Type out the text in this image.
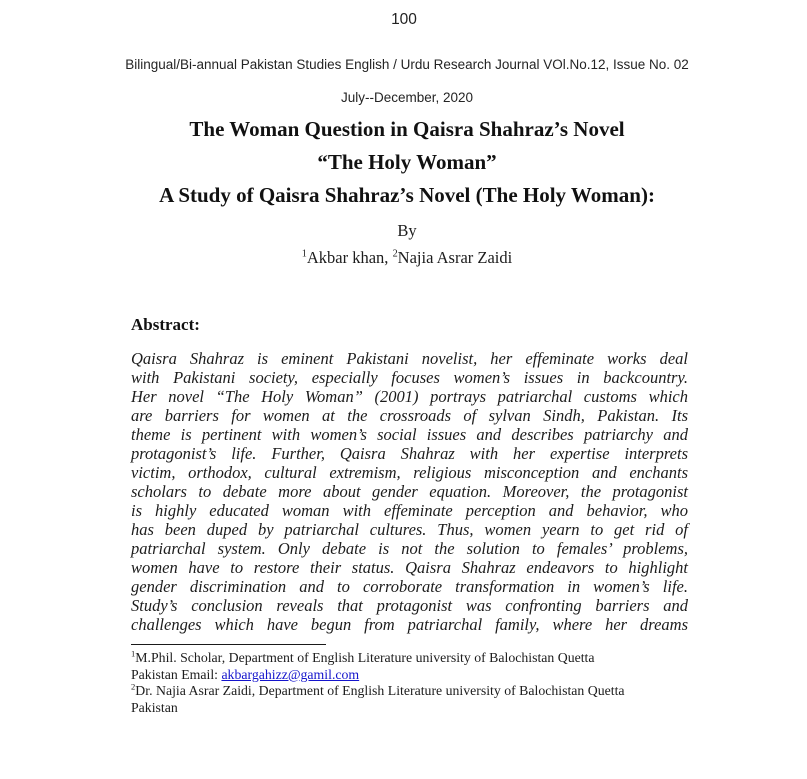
100
Bilingual/Bi-annual Pakistan Studies English / Urdu Research Journal VOl.No.12, Issue No. 02
July--December, 2020
The Woman Question in Qaisra Shahraz’s Novel
“The Holy Woman”
A Study of Qaisra Shahraz’s Novel (The Holy Woman):
By
$^1$Akbar khan, $^2$Najia Asrar Zaidi
Abstract:
Qaisra Shahraz is eminent Pakistani novelist, her effeminate works deal
with Pakistani society, especially focuses women’s issues in backcountry.
Her novel “The Holy Woman” (2001) portrays patriarchal customs which
are barriers for women at the crossroads of sylvan Sindh, Pakistan. Its
theme is pertinent with women’s social issues and describes patriarchy and
protagonist’s life. Further, Qaisra Shahraz with her expertise interprets
victim, orthodox, cultural extremism, religious misconception and enchants
scholars to debate more about gender equation. Moreover, the protagonist
is highly educated woman with effeminate perception and behavior, who
has been duped by patriarchal cultures. Thus, women yearn to get rid of
patriarchal system. Only debate is not the solution to females’ problems,
women have to restore their status. Qaisra Shahraz endeavors to highlight
gender discrimination and to corroborate transformation in women’s life.
Study’s conclusion reveals that protagonist was confronting barriers and
challenges which have begun from patriarchal family, where her dreams
$^1$M.Phil. Scholar, Department of English Literature university of Balochistan Quetta
Pakistan Email: akbargahizz@gamil.com
$^2$Dr. Najia Asrar Zaidi, Department of English Literature university of Balochistan Quetta
Pakistan
